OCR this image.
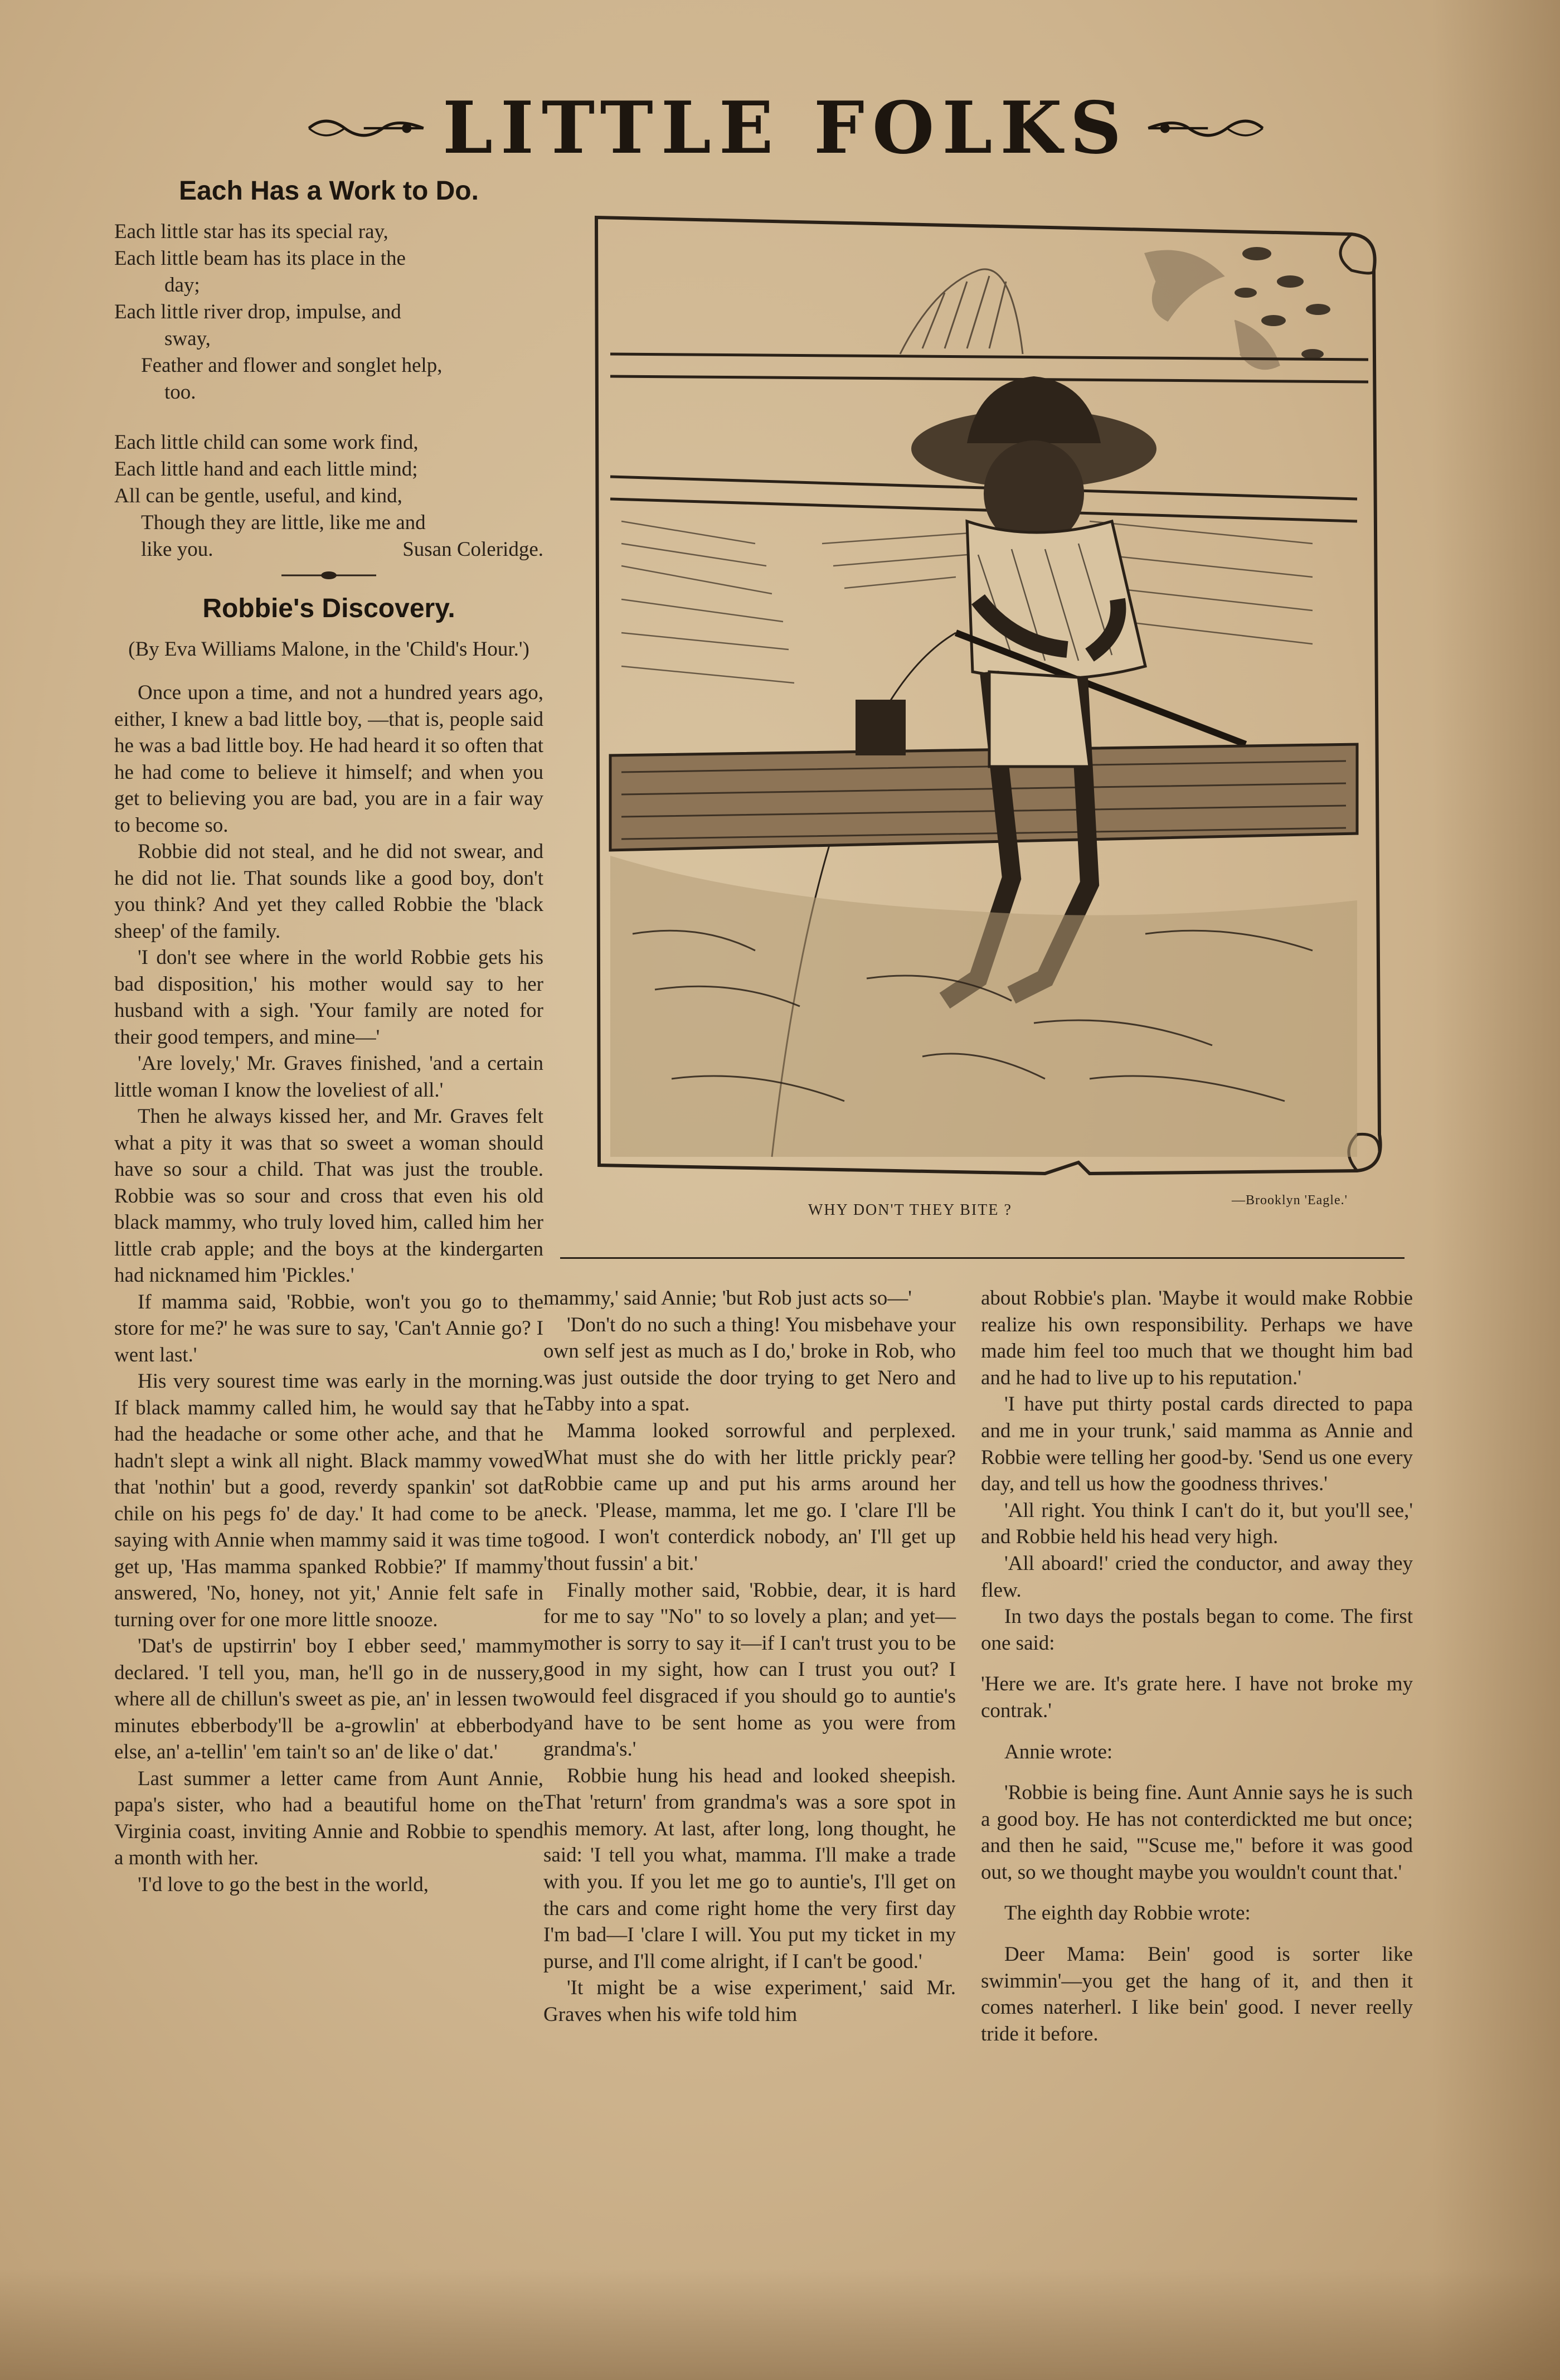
LITTLE FOLKS
Each Has a Work to Do.
Each little star has its special ray,
Each little beam has its place in the
day;
Each little river drop, impulse, and
sway,
Feather and flower and songlet help,
too.
Each little child can some work find,
Each little hand and each little mind;
All can be gentle, useful, and kind,
Though they are little, like me and
like you.	Susan Coleridge.
Robbie's Discovery.

(By Eva Williams Malone, in the 'Child's Hour.')

Once upon a time, and not a hundred years ago, either, I knew a bad little boy, —that is, people said he was a bad little boy. He had heard it so often that he had come to believe it himself; and when you get to believing you are bad, you are in a fair way to become so.

Robbie did not steal, and he did not swear, and he did not lie. That sounds like a good boy, don't you think? And yet they called Robbie the 'black sheep' of the family.

'I don't see where in the world Robbie gets his bad disposition,' his mother would say to her husband with a sigh. 'Your family are noted for their good tempers, and mine—'

'Are lovely,' Mr. Graves finished, 'and a certain little woman I know the loveliest of all.'

Then he always kissed her, and Mr. Graves felt what a pity it was that so sweet a woman should have so sour a child. That was just the trouble. Robbie was so sour and cross that even his old black mammy, who truly loved him, called him her little crab apple; and the boys at the kindergarten had nicknamed him 'Pickles.'

If mamma said, 'Robbie, won't you go to the store for me?' he was sure to say, 'Can't Annie go? I went last.'

His very sourest time was early in the morning. If black mammy called him, he would say that he had the headache or some other ache, and that he hadn't slept a wink all night. Black mammy vowed that 'nothin' but a good, reverdy spankin' sot dat chile on his pegs fo' de day.' It had come to be a saying with Annie when mammy said it was time to get up, 'Has mamma spanked Robbie?' If mammy answered, 'No, honey, not yit,' Annie felt safe in turning over for one more little snooze.

'Dat's de upstirrin' boy I ebber seed,' mammy declared. 'I tell you, man, he'll go in de nussery, where all de chillun's sweet as pie, an' in lessen two minutes ebberbody'll be a-growlin' at ebberbody else, an' a-tellin' 'em tain't so an' de like o' dat.'

Last summer a letter came from Aunt Annie, papa's sister, who had a beautiful home on the Virginia coast, inviting Annie and Robbie to spend a month with her.

'I'd love to go the best in the world,

WHY DON'T THEY BITE ?
—Brooklyn 'Eagle.'

mammy,' said Annie; 'but Rob just acts so—'

'Don't do no such a thing! You misbehave your own self jest as much as I do,' broke in Rob, who was just outside the door trying to get Nero and Tabby into a spat.

Mamma looked sorrowful and perplexed. What must she do with her little prickly pear? Robbie came up and put his arms around her neck. 'Please, mamma, let me go. I 'clare I'll be good. I won't conterdick nobody, an' I'll get up 'thout fussin' a bit.'

Finally mother said, 'Robbie, dear, it is hard for me to say "No" to so lovely a plan; and yet—mother is sorry to say it—if I can't trust you to be good in my sight, how can I trust you out? I would feel disgraced if you should go to auntie's and have to be sent home as you were from grandma's.'

Robbie hung his head and looked sheepish. That 'return' from grandma's was a sore spot in his memory. At last, after long, long thought, he said: 'I tell you what, mamma. I'll make a trade with you. If you let me go to auntie's, I'll get on the cars and come right home the very first day I'm bad—I 'clare I will. You put my ticket in my purse, and I'll come alright, if I can't be good.'

'It might be a wise experiment,' said Mr. Graves when his wife told him

about Robbie's plan. 'Maybe it would make Robbie realize his own responsibility. Perhaps we have made him feel too much that we thought him bad and he had to live up to his reputation.'

'I have put thirty postal cards directed to papa and me in your trunk,' said mamma as Annie and Robbie were telling her good-by. 'Send us one every day, and tell us how the goodness thrives.'

'All right. You think I can't do it, but you'll see,' and Robbie held his head very high.

'All aboard!' cried the conductor, and away they flew.

In two days the postals began to come. The first one said:

'Here we are. It's grate here. I have not broke my contrak.'

Annie wrote:

'Robbie is being fine. Aunt Annie says he is such a good boy. He has not conterdickted me but once; and then he said, "'Scuse me," before it was good out, so we thought maybe you wouldn't count that.'

The eighth day Robbie wrote:

Deer Mama: Bein' good is sorter like swimmin'—you get the hang of it, and then it comes naterherl. I like bein' good. I never reelly tride it before.
